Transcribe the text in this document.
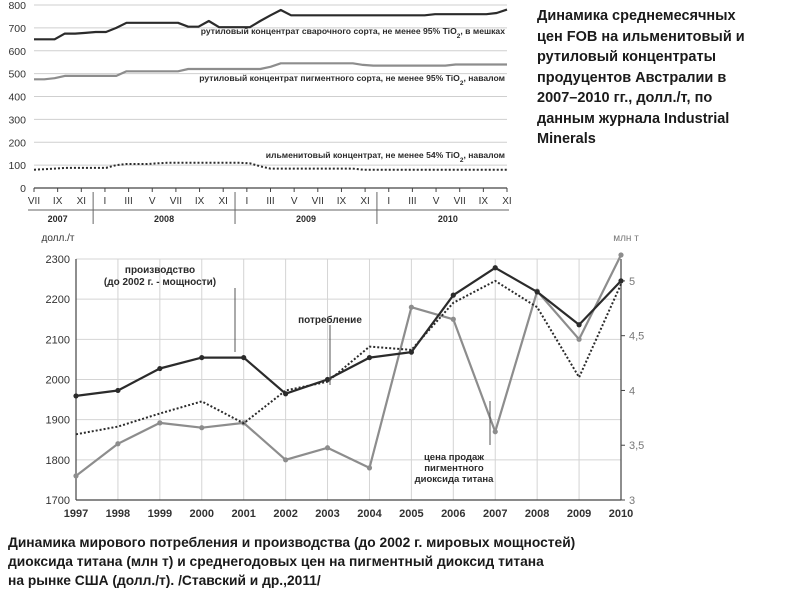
Динамика среднемесячных
цен FOB на ильменитовый и
рутиловый концентраты
продуцентов Австралии в
2007–2010 гг., долл./т, по
данным журнала Industrial
Minerals
0
100
200
300
400
500
600
700
800
рутиловый концентрат сварочного сорта, не менее 95% TiO$_2$, в мешках
рутиловый концентрат пигментного сорта, не менее 95% TiO$_2$, навалом
ильменитовый концентрат, не менее 54% TiO$_2$, навалом
VII IX XI I III V VII IX XI I III V VII IX XI I III V VII IX XI
2007	2008	2009	2010
1700
1800
1900
2000
2100
2200
2300
1997 1998 1999 2000 2001 2002 2003 2004 2005 2006 2007 2008 2009 2010
3
3,5
4
4,5
5
долл./т	млн т
производство
(до 2002 г. - мощности)
потребление
цена продаж
пигментного
диоксида титана
Динамика мирового потребления и производства (до 2002 г. мировых мощностей)
диоксида титана (млн т) и среднегодовых цен на пигментный диоксид титана
на рынке США (долл./т). /Ставский и др.,2011/
